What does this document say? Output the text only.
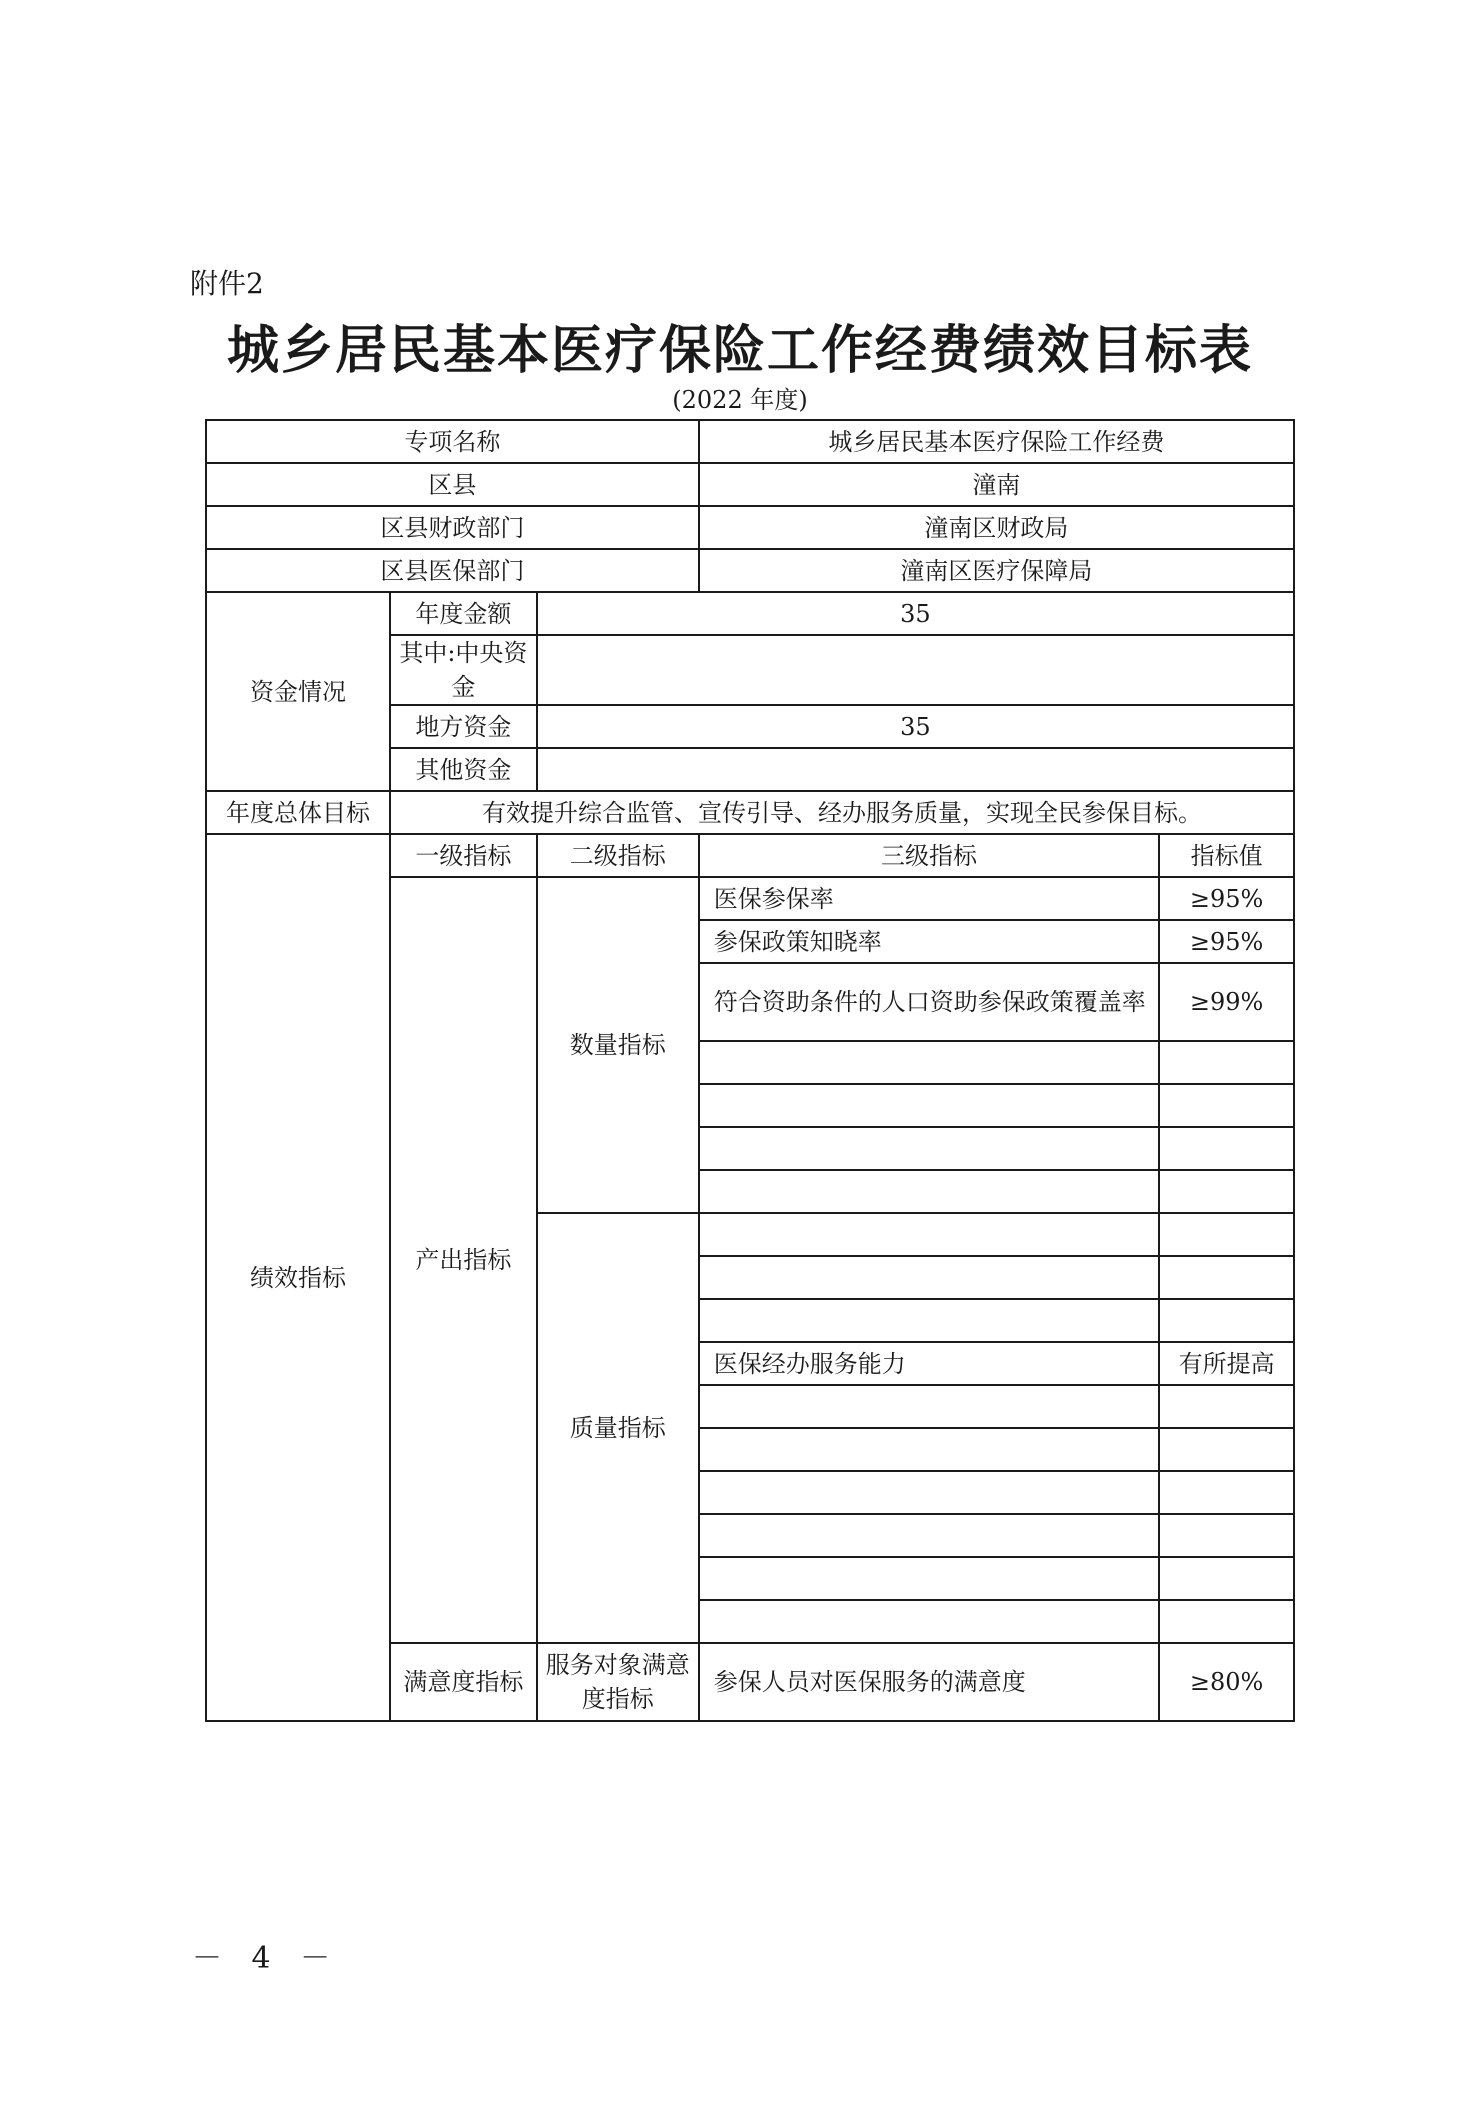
附件2
城乡居民基本医疗保险工作经费绩效目标表
(2022 年度)
专项名称			城乡居民基本医疗保险工作经费	
区县			潼南	
区县财政部门			潼南区财政局	
区县医保部门			潼南区医疗保障局	
资金情况	年度金额	35		
	其中:中央资金			
	地方资金	35		
	其他资金			
年度总体目标	有效提升综合监管、宣传引导、经办服务质量，实现全民参保目标。			
绩效指标	一级指标	二级指标	三级指标	指标值
	产出指标	数量指标	医保参保率	≥95%
			参保政策知晓率	≥95%
			符合资助条件的人口资助参保政策覆盖率	≥99%

		质量指标		

			医保经办服务能力	有所提高

	满意度指标	服务对象满意度指标	参保人员对医保服务的满意度	≥80%
－ 4 －
